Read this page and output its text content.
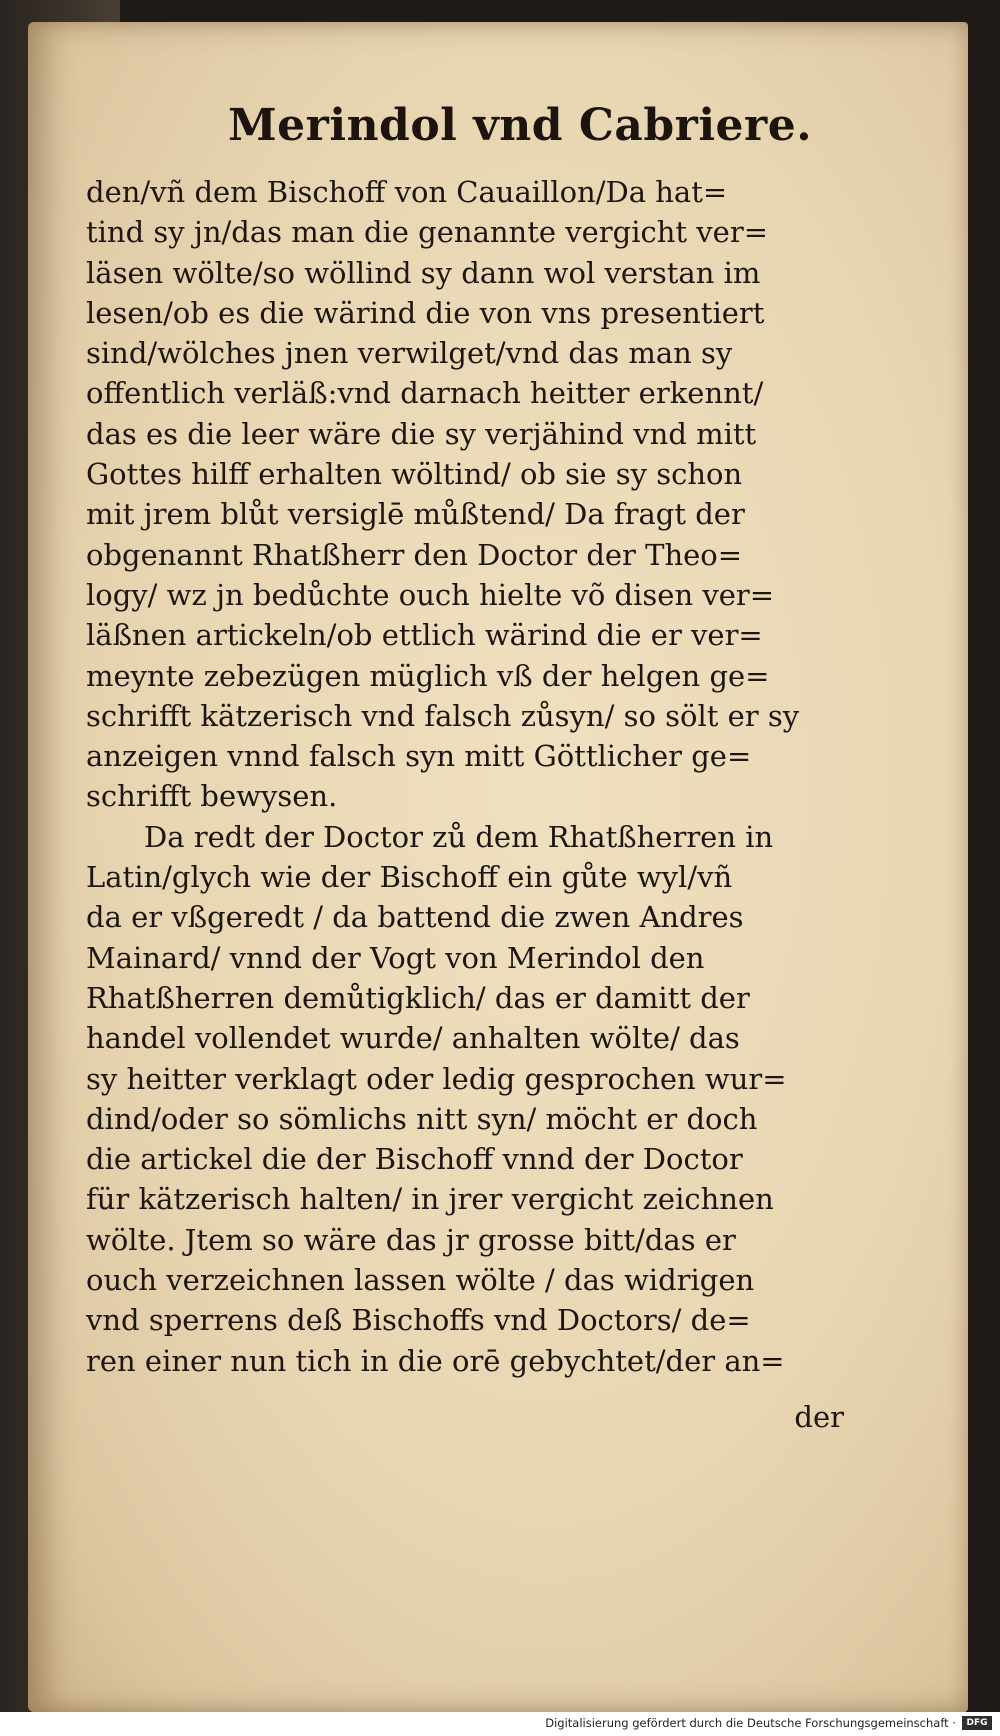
Merindol vnd Cabriere.
den/vñ dem Bischoff von Cauaillon/Da hat=
tind sy jn/das man die genannte vergicht ver=
läsen wölte/so wöllind sy dann wol verstan im
lesen/ob es die wärind die von vns presentiert
sind/wölches jnen verwilget/vnd das man sy
offentlich verläß:vnd darnach heitter erkennt/
das es die leer wäre die sy verjähind vnd mitt
Gottes hilff erhalten wöltind/ ob sie sy schon
mit jrem blůt versiglē můßtend/ Da fragt der
obgenannt Rhatßherr den Doctor der Theo=
logy/ wz jn bedůchte ouch hielte võ disen ver=
läßnen artickeln/ob ettlich wärind die er ver=
meynte zebezügen müglich vß der helgen ge=
schrifft kätzerisch vnd falsch zůsyn/ so sölt er sy
anzeigen vnnd falsch syn mitt Göttlicher ge=
schrifft bewysen.
Da redt der Doctor zů dem Rhatßherren in
Latin/glych wie der Bischoff ein gůte wyl/vñ
da er vßgeredt / da battend die zwen Andres
Mainard/ vnnd der Vogt von Merindol den
Rhatßherren demůtigklich/ das er damitt der
handel vollendet wurde/ anhalten wölte/ das
sy heitter verklagt oder ledig gesprochen wur=
dind/oder so sömlichs nitt syn/ möcht er doch
die artickel die der Bischoff vnnd der Doctor
für kätzerisch halten/ in jrer vergicht zeichnen
wölte. Jtem so wäre das jr grosse bitt/das er
ouch verzeichnen lassen wölte / das widrigen
vnd sperrens deß Bischoffs vnd Doctors/ de=
ren einer nun tich in die orē gebychtet/der an=
der
Digitalisierung gefördert durch die Deutsche Forschungsgemeinschaft ·	DFG
